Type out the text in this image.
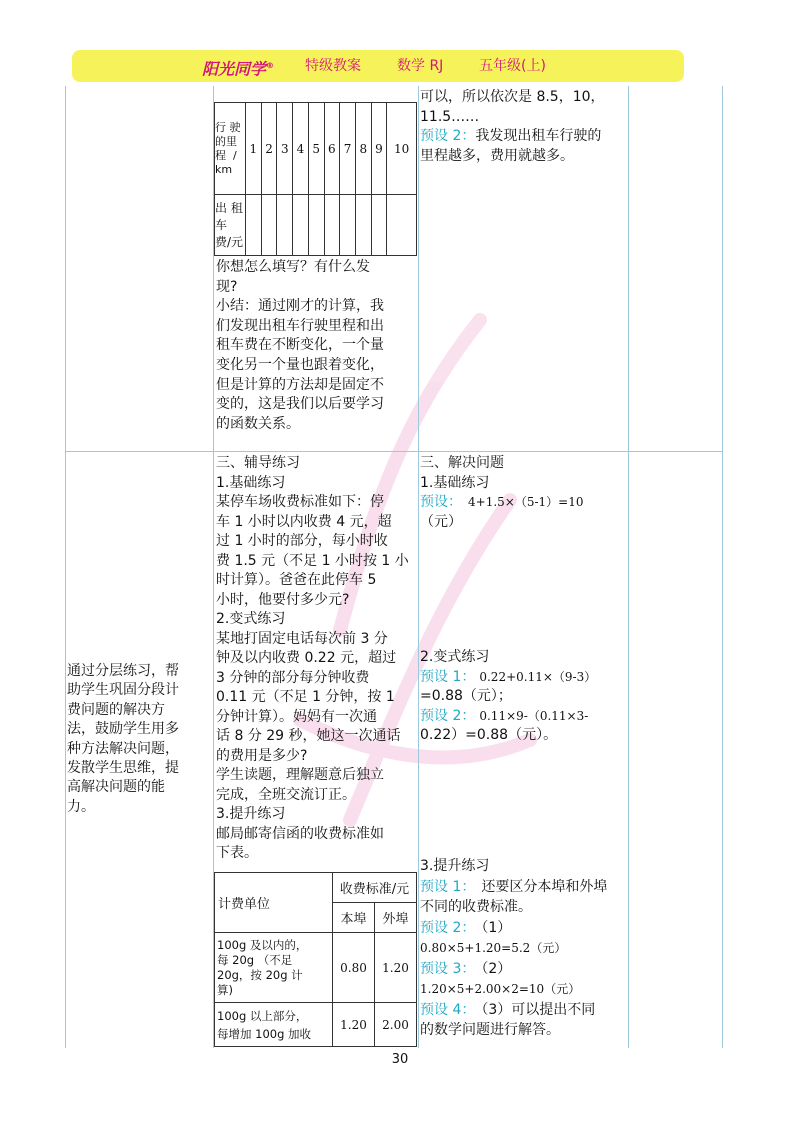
阳光同学® 特级教案	数学 RJ	五年级(上)
行 驶
的里
程 /
km	1	2	3	4	5	6	7	8	9	10
出 租
车
费/元										
你想怎么填写？有什么发
现?
小结：通过刚才的计算，我
们发现出租车行驶里程和出
租车费在不断变化，一个量
变化另一个量也跟着变化，
但是计算的方法却是固定不
变的，这是我们以后要学习
的函数关系。
可以，所以依次是 8.5，10，
11.5……
预设 2：我发现出租车行驶的
里程越多，费用就越多。
通过分层练习，帮
助学生巩固分段计
费问题的解决方
法，鼓励学生用多
种方法解决问题，
发散学生思维，提
高解决问题的能
力。
三、辅导练习
1.基础练习
某停车场收费标准如下：停
车 1 小时以内收费 4 元，超
过 1 小时的部分，每小时收
费 1.5 元（不足 1 小时按 1 小
时计算）。爸爸在此停车 5
小时，他要付多少元?
2.变式练习
某地打固定电话每次前 3 分
钟及以内收费 0.22 元，超过
3 分钟的部分每分钟收费
0.11 元（不足 1 分钟，按 1
分钟计算）。妈妈有一次通
话 8 分 29 秒，她这一次通话
的费用是多少?
学生读题，理解题意后独立
完成，全班交流订正。
3.提升练习
邮局邮寄信函的收费标准如
下表。
计费单位	收费标准/元	
	本埠	外埠

100g 及以内的，
每 20g （不足
20g，按 20g 计
算)	0.80	1.20

100g 以上部分，
每增加 100g 加收	1.20	2.00
三、解决问题
1.基础练习
预设： 4+1.5×（5-1）=10
（元）
2.变式练习
预设 1： 0.22+0.11×（9-3）
=0.88（元）；
预设 2： 0.11×9-（0.11×3-
0.22）=0.88（元）。
3.提升练习
预设 1： 还要区分本埠和外埠
不同的收费标准。
预设 2： （1）
0.80×5+1.20=5.2（元）
预设 3： （2）
1.20×5+2.00×2=10（元）
预设 4： （3）可以提出不同
的数学问题进行解答。
30
